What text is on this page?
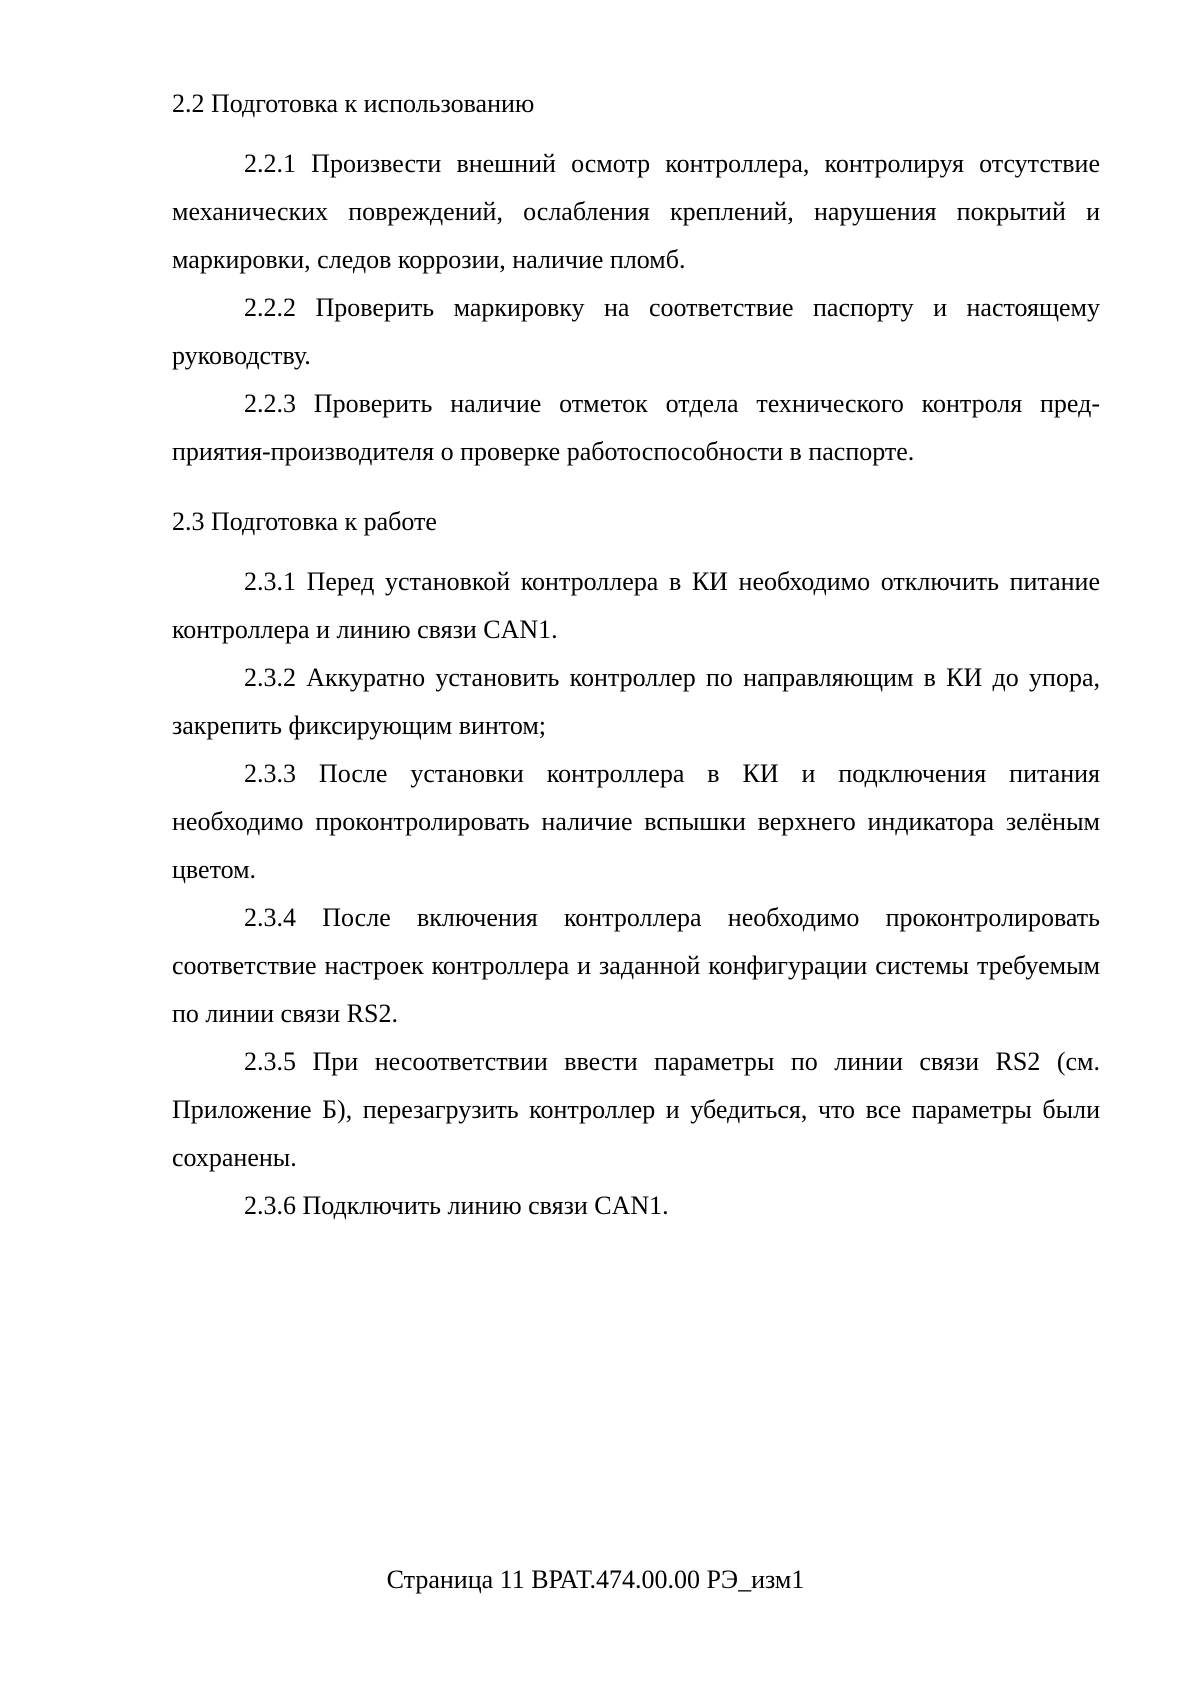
2.2 Подготовка к использованию

2.2.1 Произвести внешний осмотр контроллера, контролируя отсутствие механических повреждений, ослабления креплений, нарушения покрытий и маркировки, следов коррозии, наличие пломб.

2.2.2 Проверить маркировку на соответствие паспорту и настоящему руководству.

2.2.3 Проверить наличие отметок отдела технического контроля предприятия-производителя о проверке работоспособности в паспорте.

2.3 Подготовка к работе

2.3.1 Перед установкой контроллера в КИ необходимо отключить питание контроллера и линию связи CAN1.

2.3.2 Аккуратно установить контроллер по направляющим в КИ до упора, закрепить фиксирующим винтом;

2.3.3 После установки контроллера в КИ и подключения питания необходимо проконтролировать наличие вспышки верхнего индикатора зелёным цветом.

2.3.4 После включения контроллера необходимо проконтролировать соответствие настроек контроллера и заданной конфигурации системы требуемым по линии связи RS2.

2.3.5 При несоответствии ввести параметры по линии связи RS2 (см. Приложение Б), перезагрузить контроллер и убедиться, что все параметры были сохранены.

2.3.6 Подключить линию связи CAN1.

Страница 11 ВРАТ.474.00.00 РЭ_изм1
